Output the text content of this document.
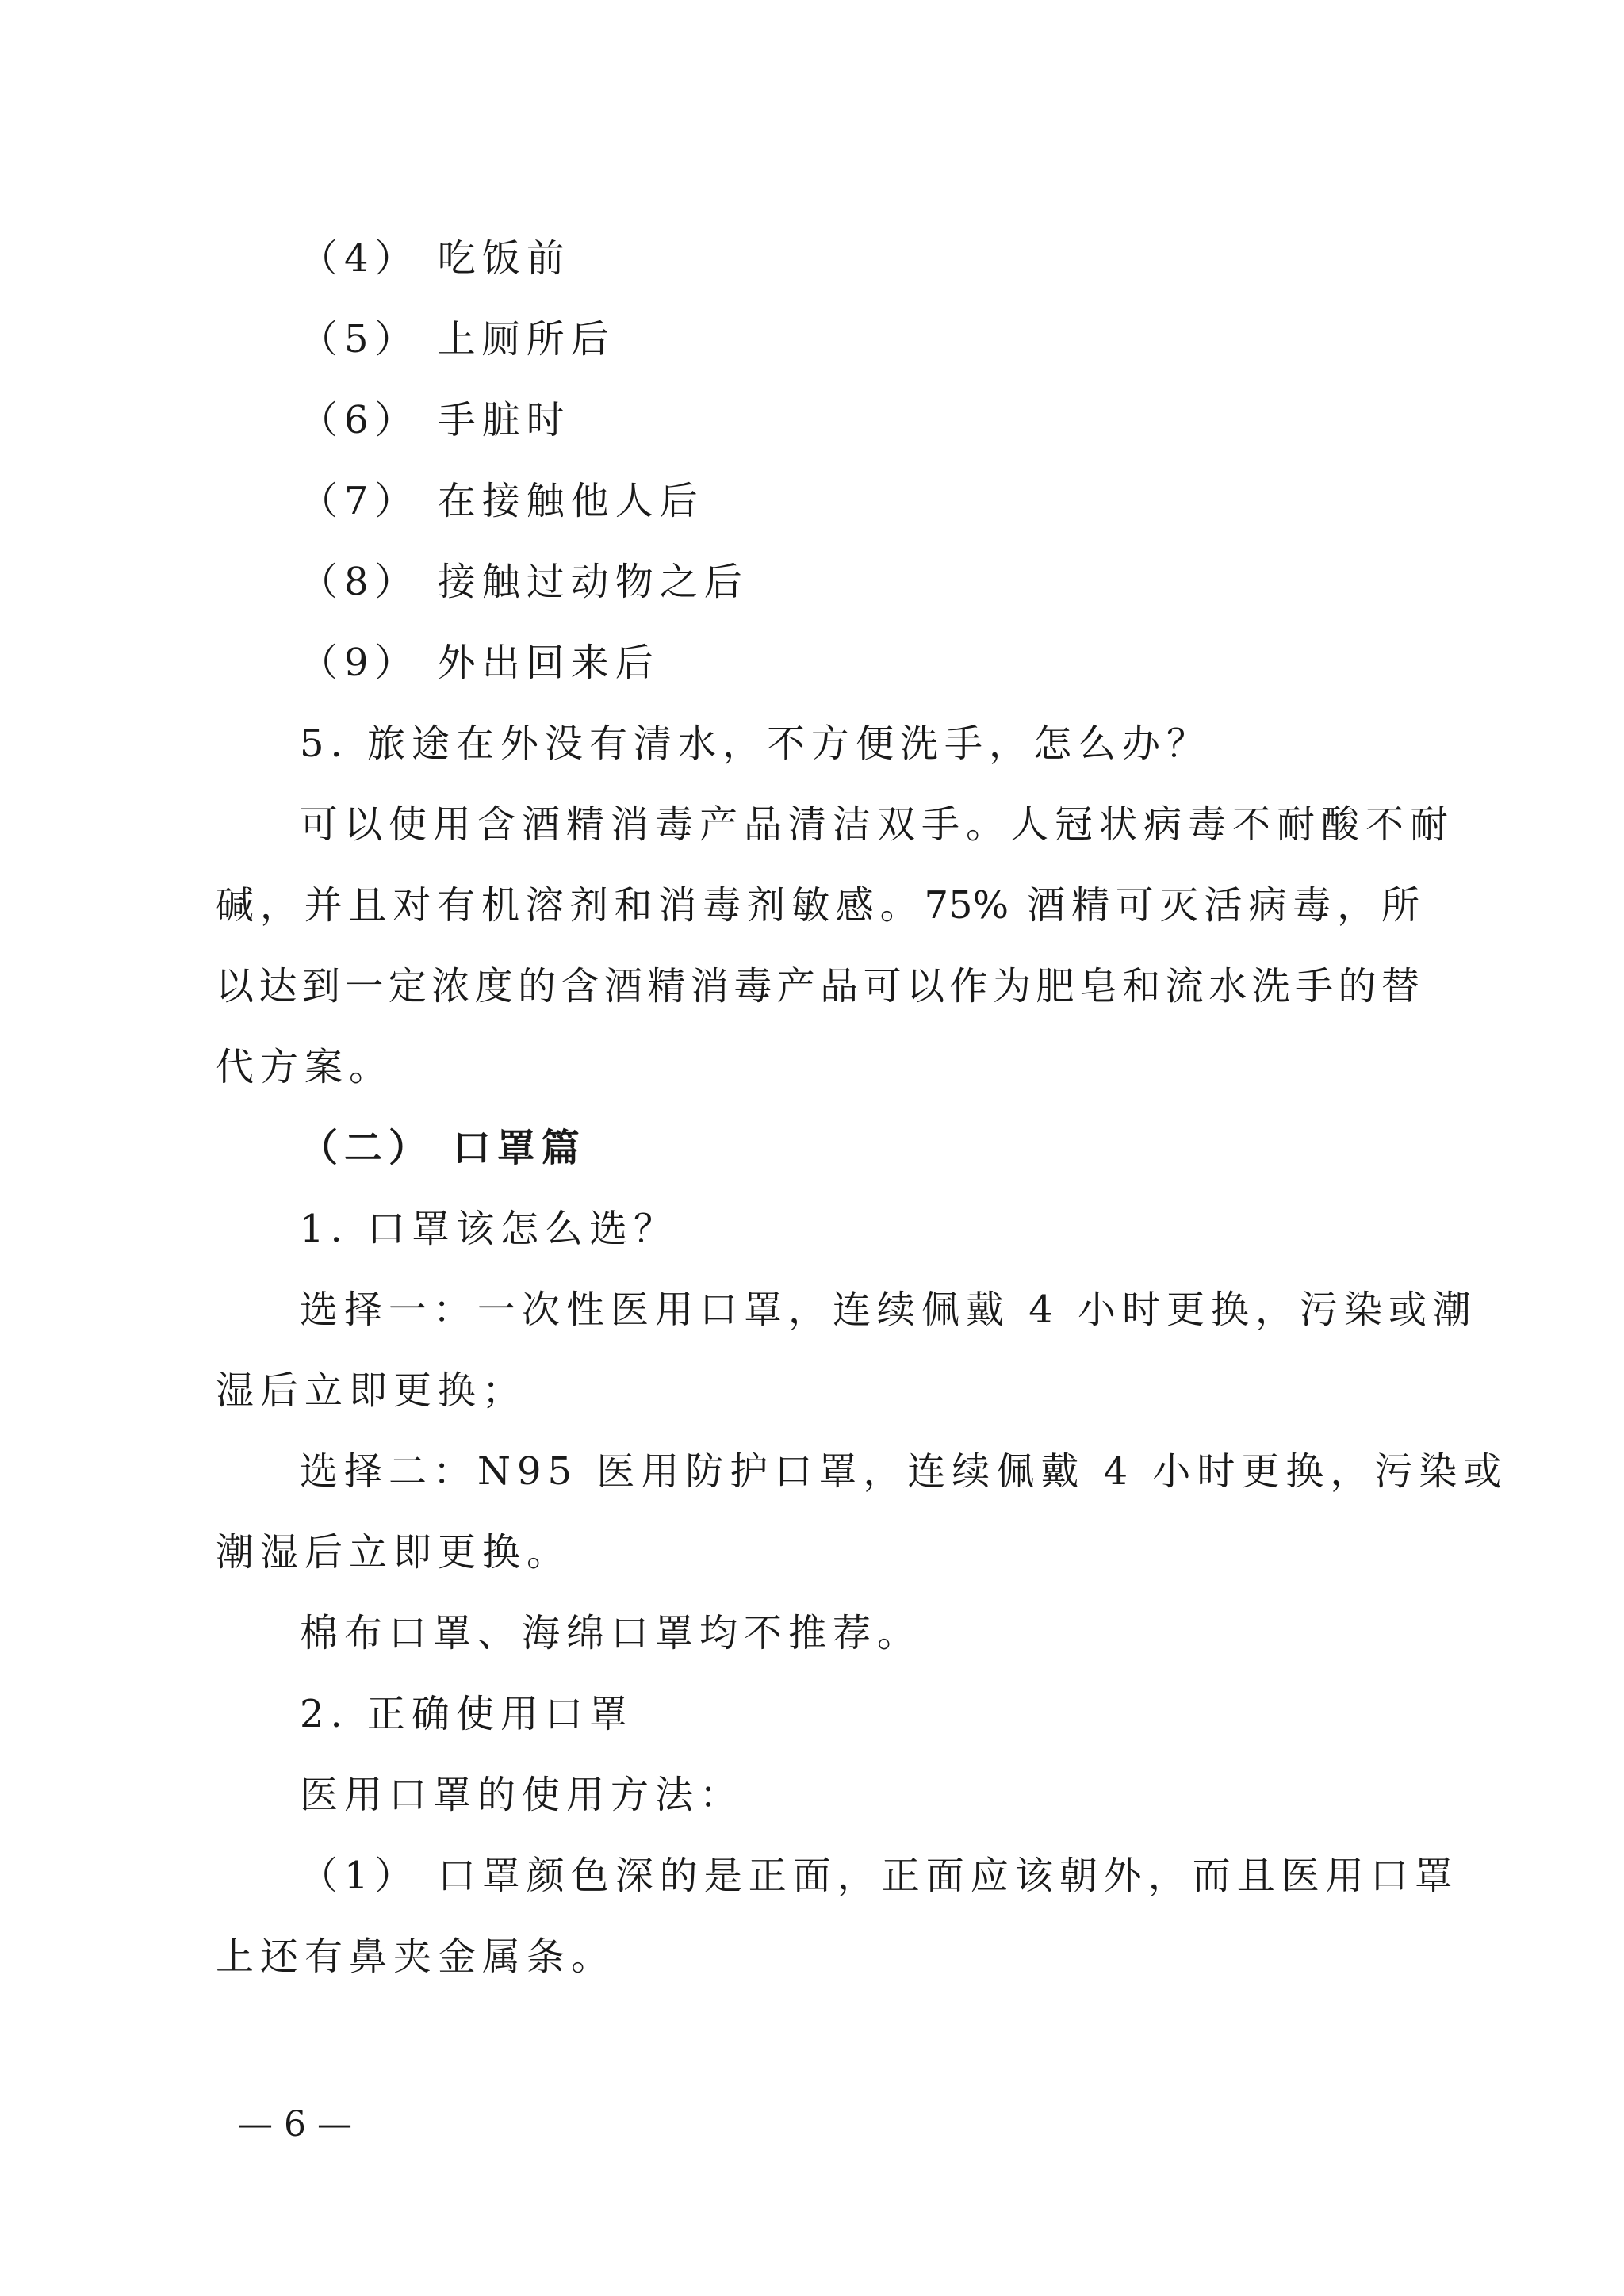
（4） 吃饭前
（5） 上厕所后
（6） 手脏时
（7） 在接触他人后
（8） 接触过动物之后
（9） 外出回来后
5. 旅途在外没有清水，不方便洗手，怎么办？
可以使用含酒精消毒产品清洁双手。人冠状病毒不耐酸不耐
碱，并且对有机溶剂和消毒剂敏感。75% 酒精可灭活病毒，所
以达到一定浓度的含酒精消毒产品可以作为肥皂和流水洗手的替
代方案。
（二） 口罩篇
1. 口罩该怎么选？
选择一：一次性医用口罩，连续佩戴 4 小时更换，污染或潮
湿后立即更换；
选择二：N95 医用防护口罩，连续佩戴 4 小时更换，污染或
潮湿后立即更换。
棉布口罩、海绵口罩均不推荐。
2. 正确使用口罩
医用口罩的使用方法：
（1） 口罩颜色深的是正面，正面应该朝外，而且医用口罩
上还有鼻夹金属条。
— 6 —
